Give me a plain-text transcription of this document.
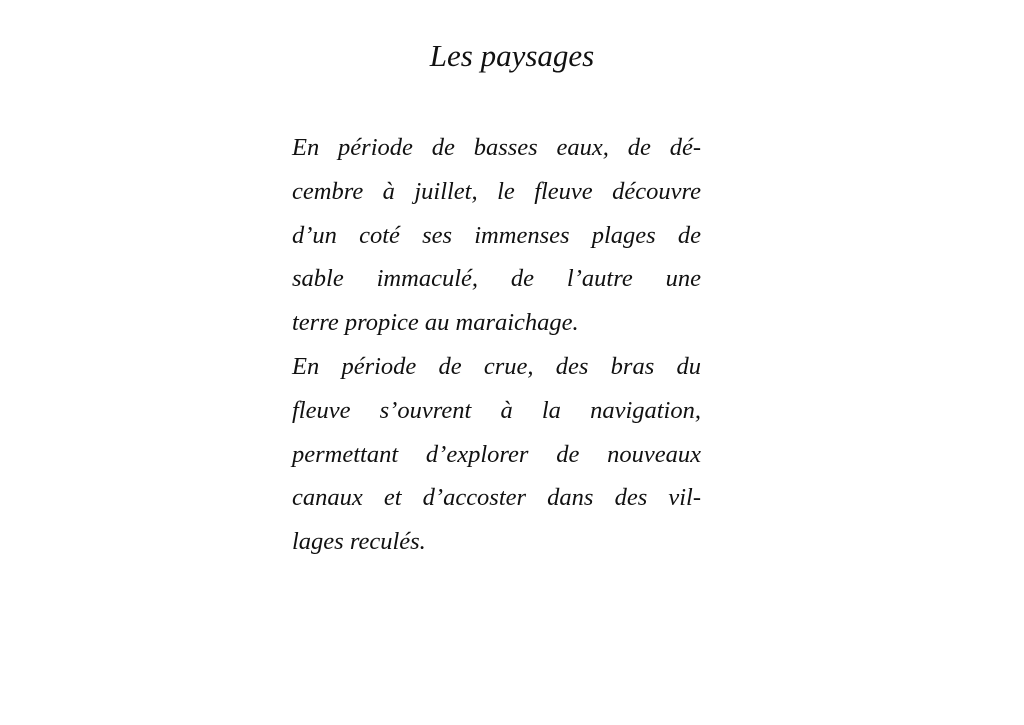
Les paysages
En période de basses eaux, de dé-
cembre à juillet, le fleuve découvre
d’un coté ses immenses plages de
sable immaculé, de l’autre une
terre propice au maraichage.
En période de crue, des bras du
fleuve s’ouvrent à la navigation,
permettant d’explorer de nouveaux
canaux et d’accoster dans des vil-
lages reculés.
